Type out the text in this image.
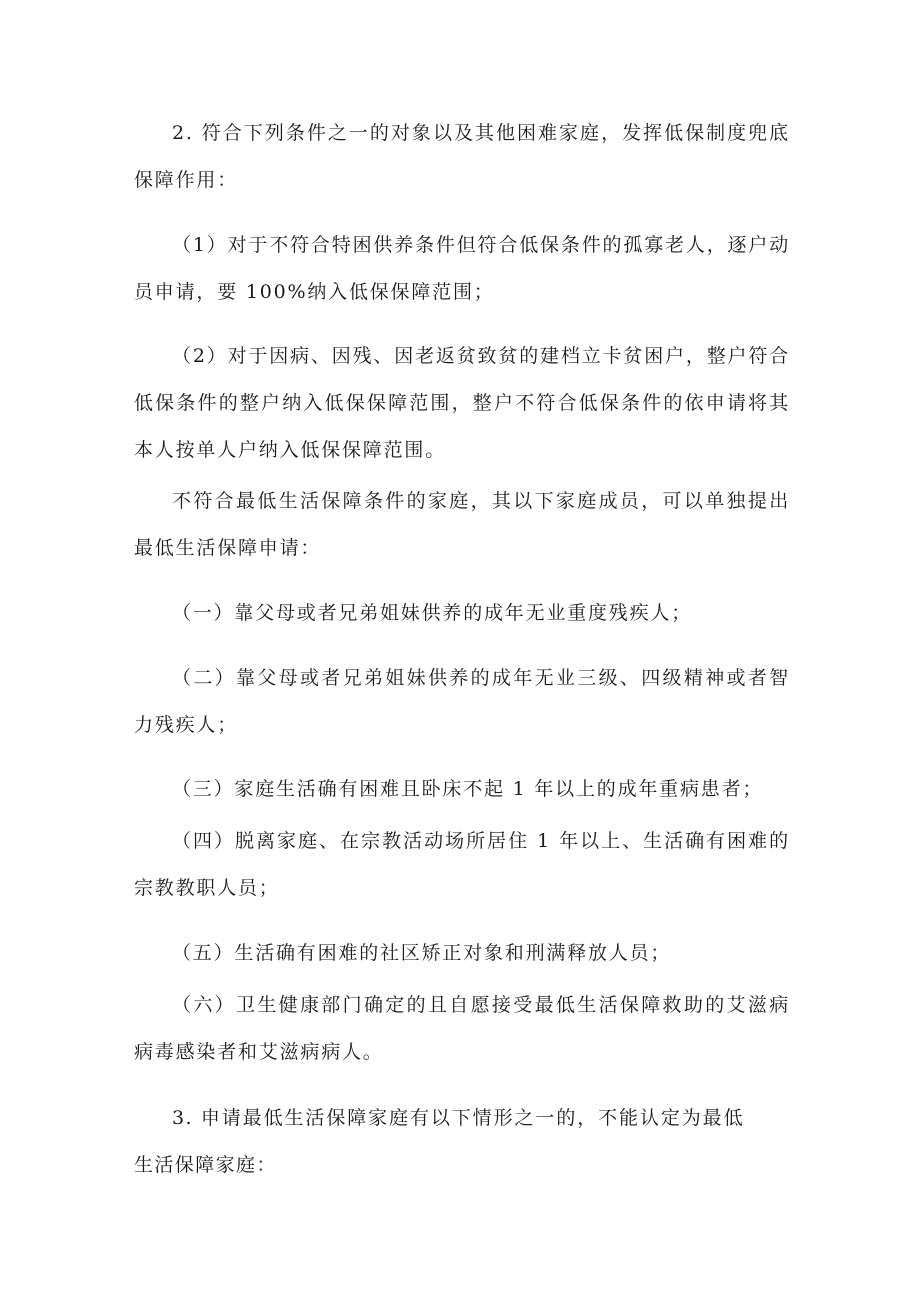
2. 符合下列条件之一的对象以及其他困难家庭，发挥低保制度兜底保障作用：

（1）对于不符合特困供养条件但符合低保条件的孤寡老人，逐户动员申请，要 100%纳入低保保障范围；

（2）对于因病、因残、因老返贫致贫的建档立卡贫困户，整户符合低保条件的整户纳入低保保障范围，整户不符合低保条件的依申请将其本人按单人户纳入低保保障范围。

不符合最低生活保障条件的家庭，其以下家庭成员，可以单独提出最低生活保障申请：

（一）靠父母或者兄弟姐妹供养的成年无业重度残疾人；

（二）靠父母或者兄弟姐妹供养的成年无业三级、四级精神或者智力残疾人；

（三）家庭生活确有困难且卧床不起 1 年以上的成年重病患者；

（四）脱离家庭、在宗教活动场所居住 1 年以上、生活确有困难的宗教教职人员；

（五）生活确有困难的社区矫正对象和刑满释放人员；

（六）卫生健康部门确定的且自愿接受最低生活保障救助的艾滋病病毒感染者和艾滋病病人。

3. 申请最低生活保障家庭有以下情形之一的，不能认定为最低生活保障家庭：
